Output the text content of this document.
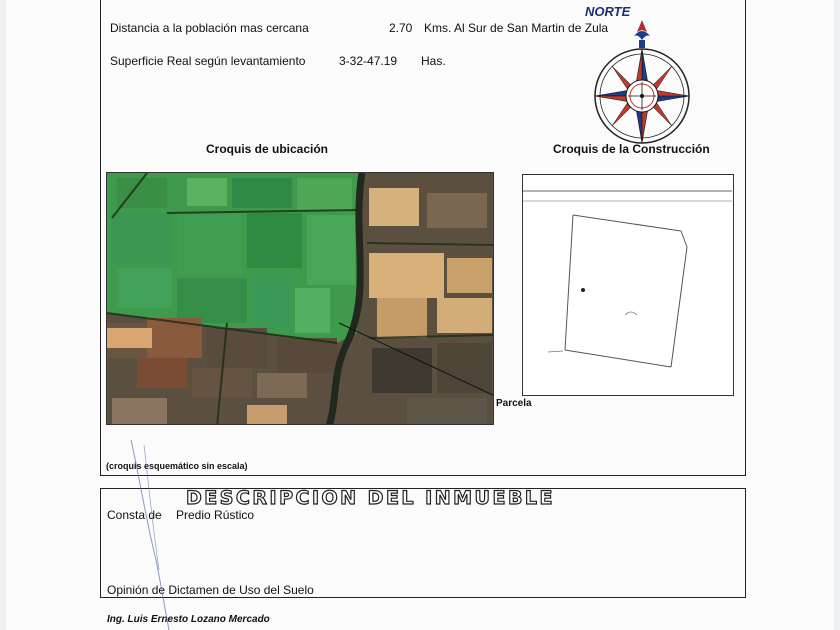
Distancia a la población mas cercana	2.70 Kms. Al Sur de San Martin de Zula
Superficie Real según levantamiento	3-32-47.19 Has.
NORTE
Croquis de ubicación	Croquis de la Construcción
Parcela
(croquis esquemático sin escala)
DESCRIPCION DEL INMUEBLE
Consta de Predio Rústico
Opinión de Dictamen de Uso del Suelo
Ing. Luis Ernesto Lozano Mercado
